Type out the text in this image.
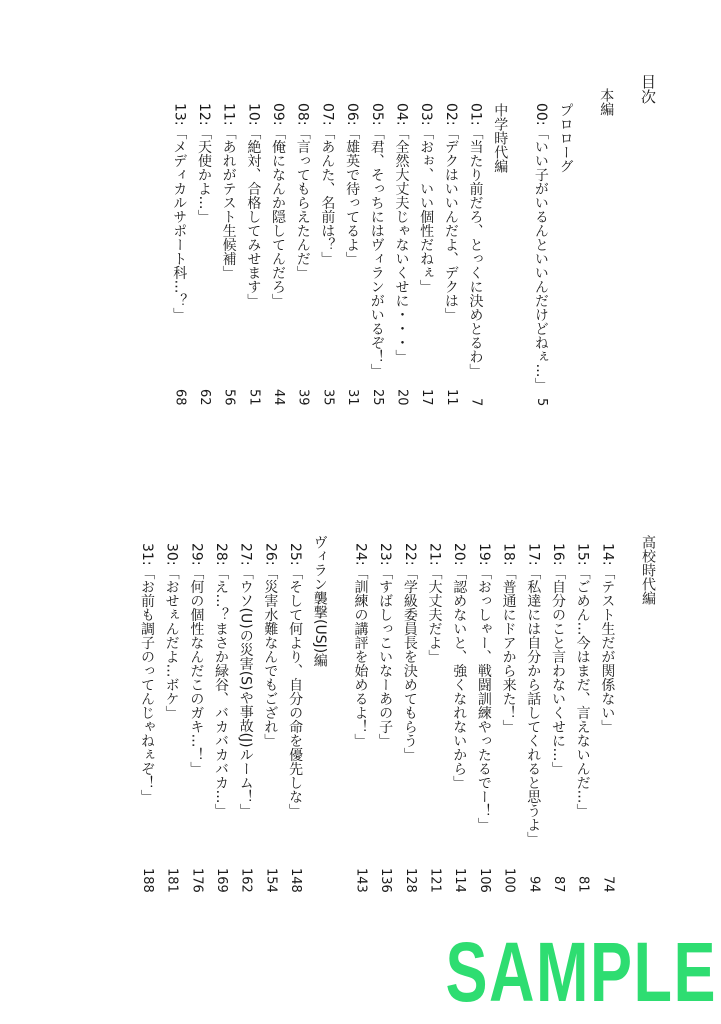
目次
本編
プロローグ
00:「いい子がいるんといいんだけどねぇ…」
5
中学時代編
01:「当たり前だろ、とっくに決めとるわ」
7
02:「デクはいいんだよ、デクは」
11
03:「おぉ、いい個性だねぇ」
17
04:「全然大丈夫じゃないくせに・・・」
20
05:「君、そっちにはヴィランがいるぞ！」
25
06:「雄英で待ってるよ」
31
07:「あんた、名前は？」
35
08:「言ってもらえたんだ」
39
09:「俺になんか隠してんだろ」
44
10:「絶対、合格してみせます」
51
11:「あれがテスト生候補」
56
12:「天使かよ…」
62
13:「メディカルサポート科…？」
68
高校時代編
14:「テスト生だが関係ない」
74
15:「ごめん…今はまだ、言えないんだ…」
81
16:「自分のこと言わないくせに…」
87
17:「私達には自分から話してくれると思うよ」
94
18:「普通にドアから来た！」
100
19:「おっしゃー、戦闘訓練やったるでー！」
106
20:「認めないと、強くなれないから」
114
21:「大丈夫だよ」
121
22:「学級委員長を決めてもらう」
128
23:「すばしっこいなーあの子」
136
24:「訓練の講評を始めるよ！」
143
ヴィラン襲撃(USJ)編
25:「そして何より、自分の命を優先しな」
148
26:「災害水難なんでもござれ」
154
27:「ウソ(U)の災害(S)や事故(J)ルーム！」
162
28:「え…？まさか緑谷、バカバカバカ…」
169
29:「何の個性なんだこのガキ…！」
176
30:「おせぇんだよ…ボケ」
181
31:「お前も調子のってんじゃねぇぞ！」
188
SAMPLE
